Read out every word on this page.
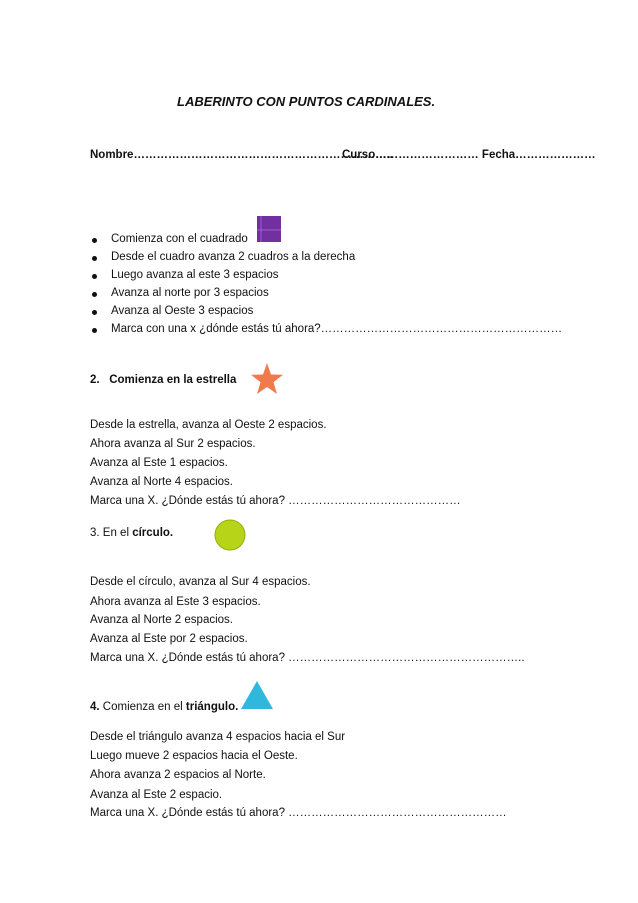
LABERINTO CON PUNTOS CARDINALES.
Nombre…………………………………………………………..
Curso……………………… Fecha…………………
Comienza con el cuadrado
Desde el cuadro avanza 2 cuadros a la derecha
Luego avanza al este 3 espacios
Avanza al norte por 3 espacios
Avanza al Oeste 3 espacios
Marca con una x ¿dónde estás tú ahora?………………………………………………………
2. Comienza en la estrella
Desde la estrella, avanza al Oeste 2 espacios.
Ahora avanza al Sur 2 espacios.
Avanza al Este 1 espacios.
Avanza al Norte 4 espacios.
Marca una X. ¿Dónde estás tú ahora? ………………………………………
3. En el círculo.
Desde el círculo, avanza al Sur 4 espacios.
Ahora avanza al Este 3 espacios.
Avanza al Norte 2 espacios.
Avanza al Este por 2 espacios.
Marca una X. ¿Dónde estás tú ahora? ……………………………………………………..
4. Comienza en el triángulo.
Desde el triángulo avanza 4 espacios hacia el Sur
Luego mueve 2 espacios hacia el Oeste.
Ahora avanza 2 espacios al Norte.
Avanza al Este 2 espacio.
Marca una X. ¿Dónde estás tú ahora? …………………………………………………
